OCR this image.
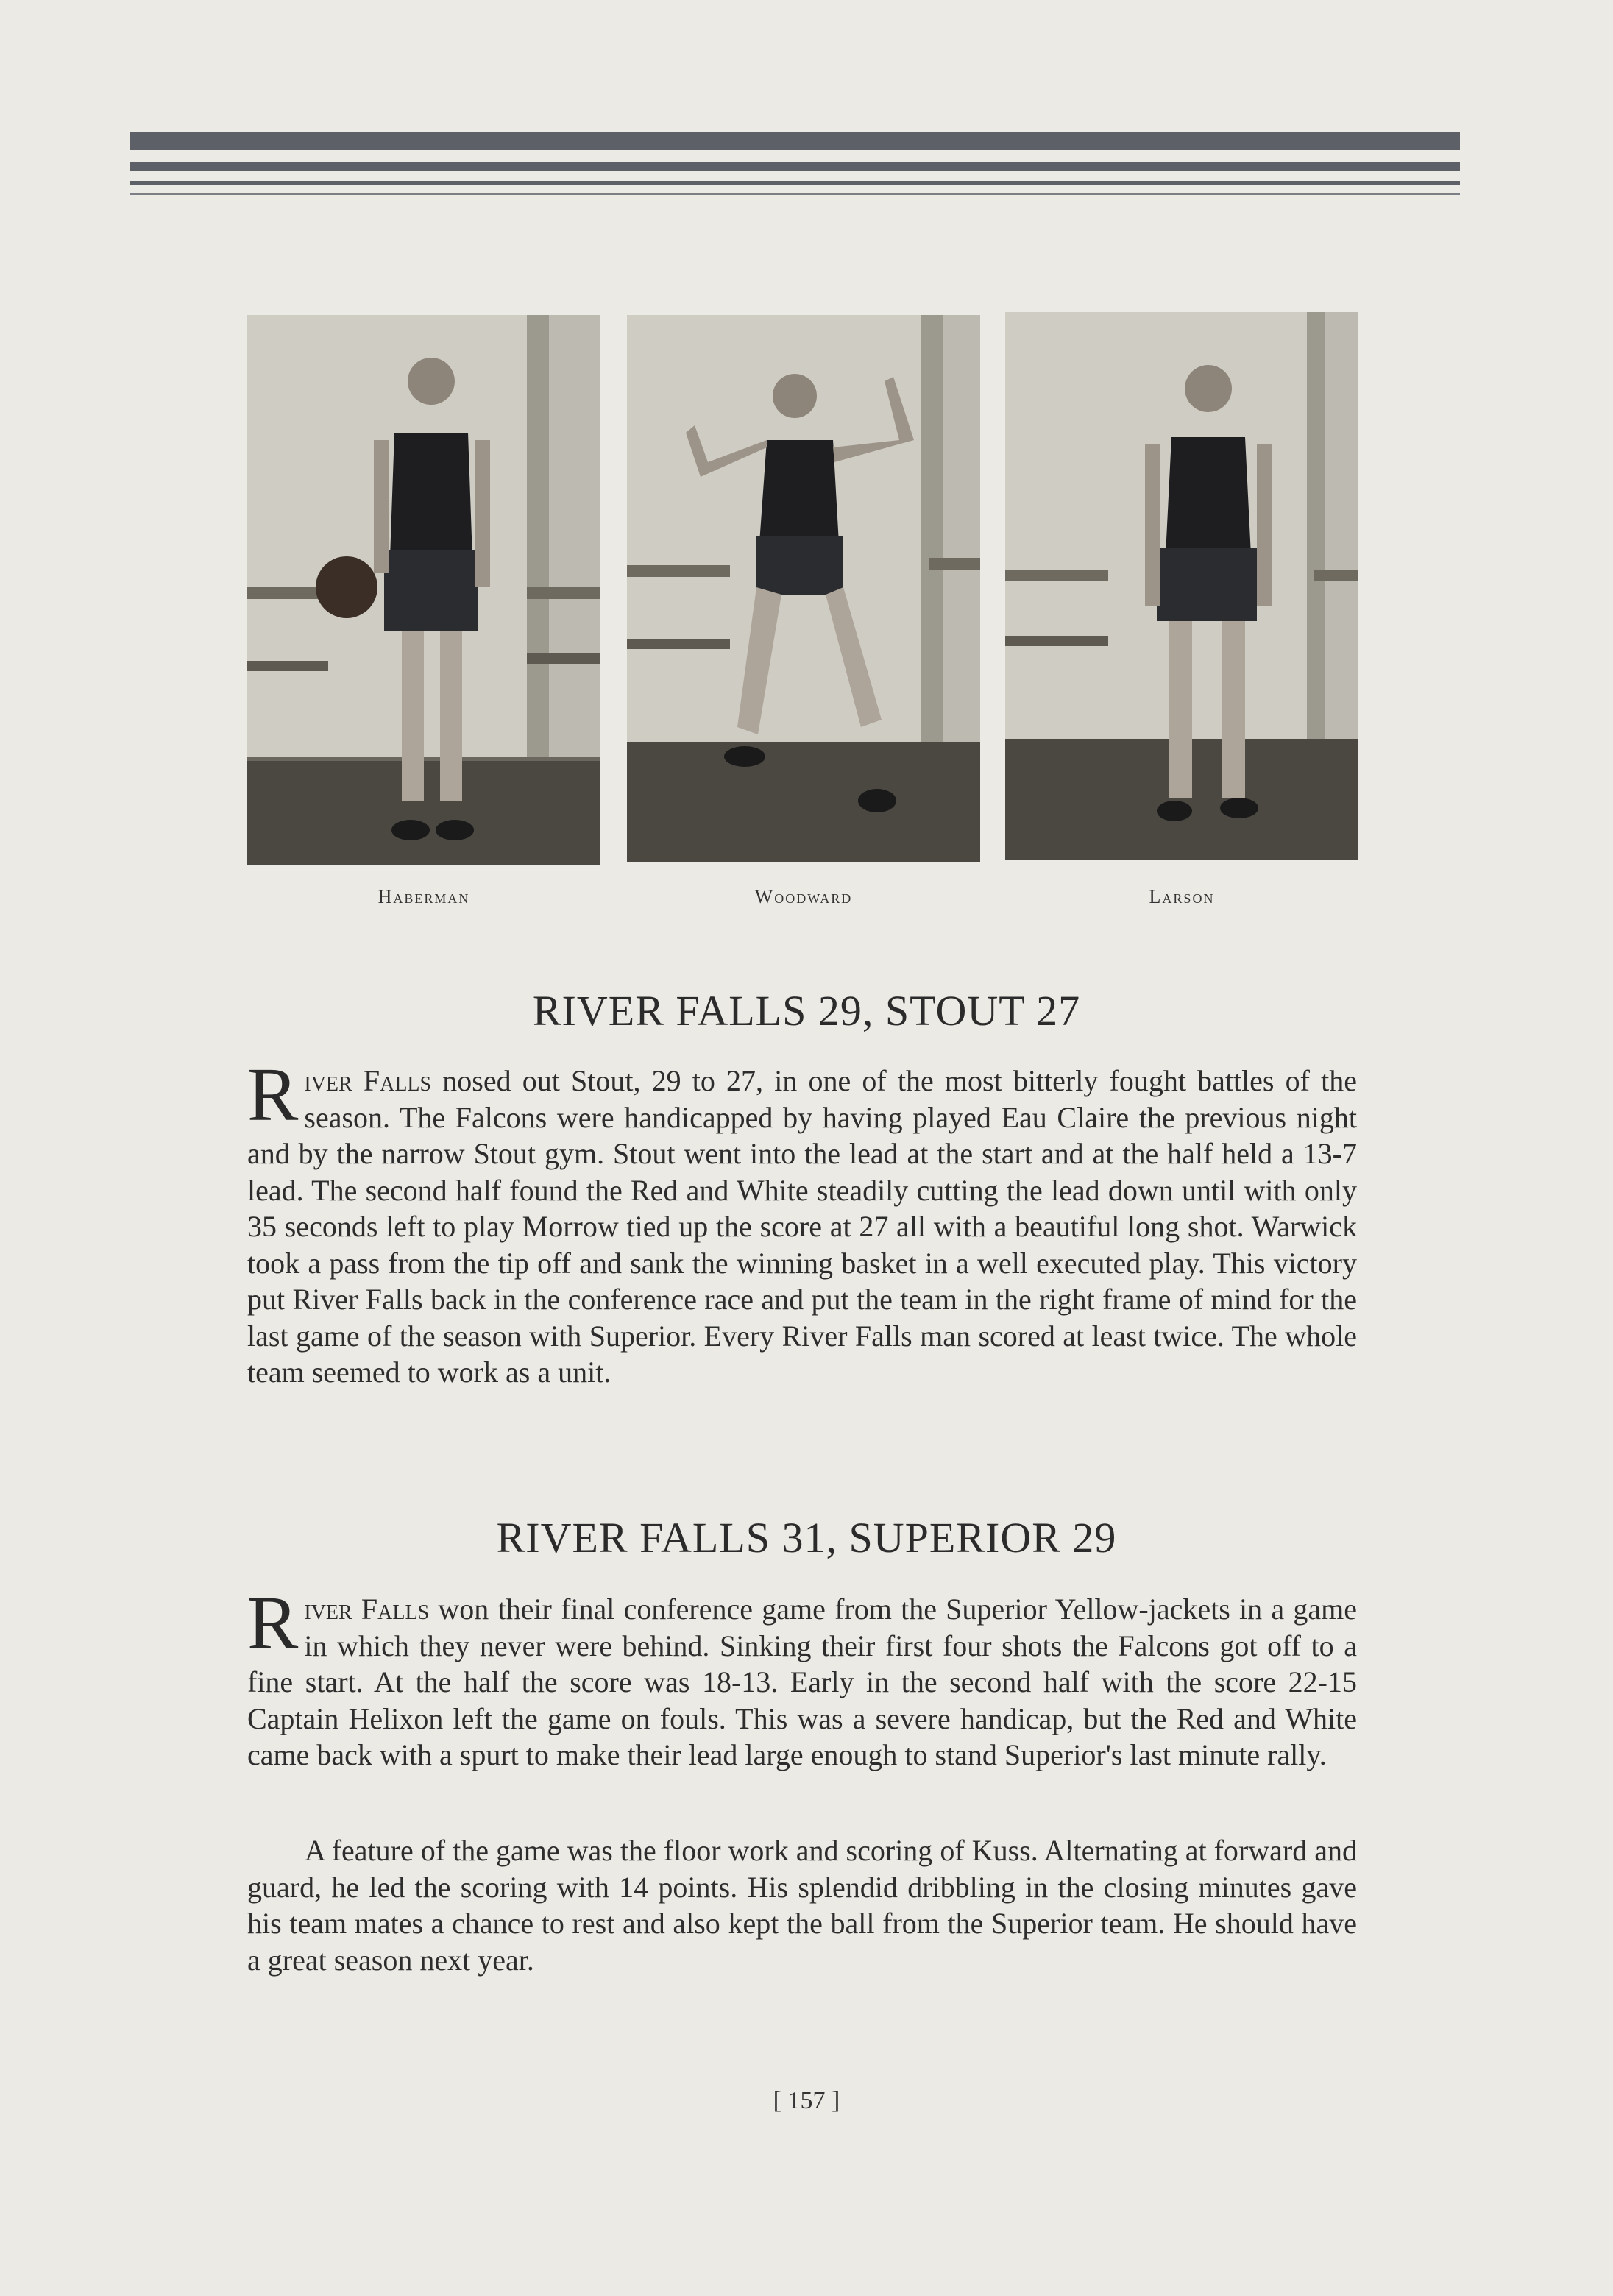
Haberman	Woodward	Larson
RIVER FALLS 29, STOUT 27
River Falls nosed out Stout, 29 to 27, in one of the most bitterly fought battles of the season. The Falcons were handicapped by having played Eau Claire the previous night and by the narrow Stout gym. Stout went into the lead at the start and at the half held a 13-7 lead. The second half found the Red and White steadily cutting the lead down until with only 35 seconds left to play Morrow tied up the score at 27 all with a beautiful long shot. Warwick took a pass from the tip off and sank the winning basket in a well executed play. This victory put River Falls back in the conference race and put the team in the right frame of mind for the last game of the season with Superior. Every River Falls man scored at least twice. The whole team seemed to work as a unit.
RIVER FALLS 31, SUPERIOR 29
River Falls won their final conference game from the Superior Yellow-jackets in a game in which they never were behind. Sinking their first four shots the Falcons got off to a fine start. At the half the score was 18-13. Early in the second half with the score 22-15 Captain Helixon left the game on fouls. This was a severe handicap, but the Red and White came back with a spurt to make their lead large enough to stand Superior's last minute rally.
A feature of the game was the floor work and scoring of Kuss. Alternating at forward and guard, he led the scoring with 14 points. His splendid dribbling in the closing minutes gave his team mates a chance to rest and also kept the ball from the Superior team. He should have a great season next year.
[ 157 ]
